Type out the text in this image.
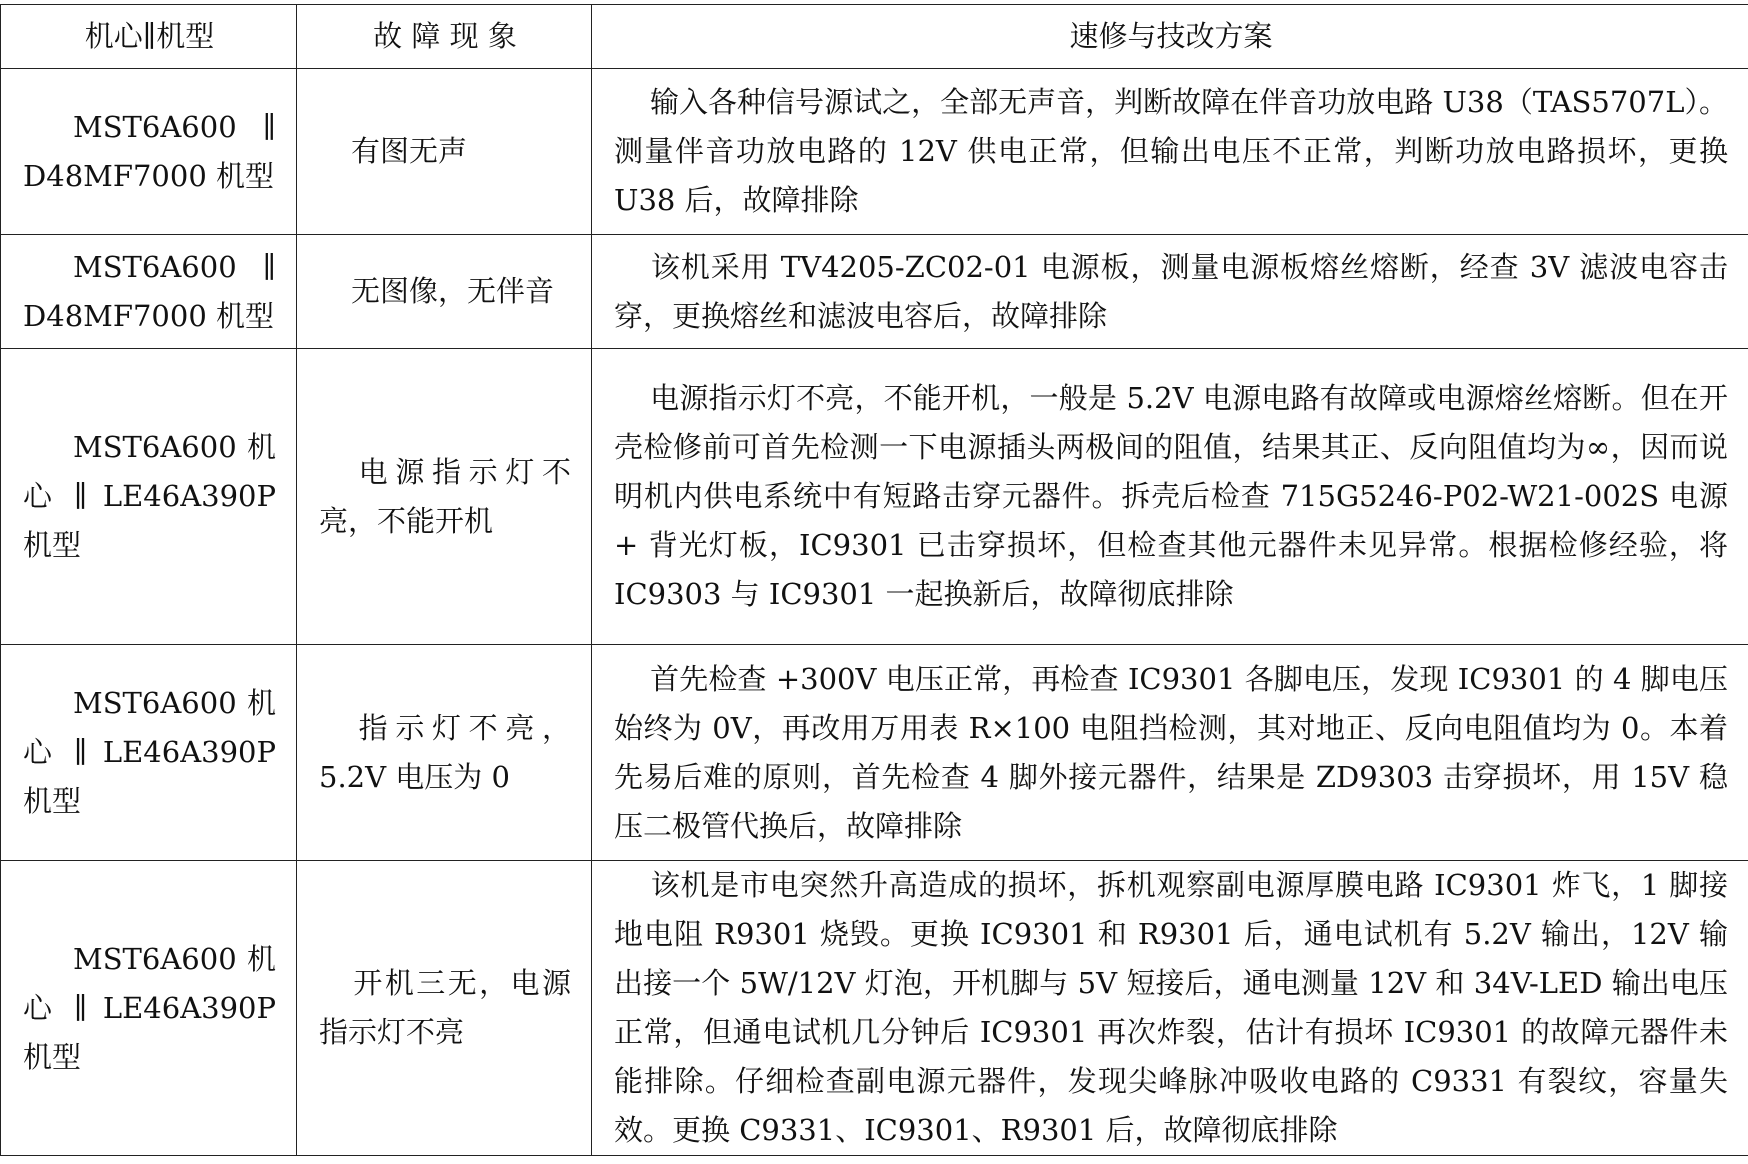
机心∥机型	故 障 现 象	速修与技改方案
MST6A600 ∥ D48MF7000 机型	有图无声	输入各种信号源试之，全部无声音，判断故障在伴音功放电路 U38（TAS5707L）。测量伴音功放电路的 12V 供电正常，但输出电压不正常，判断功放电路损坏，更换 U38 后，故障排除
MST6A600 ∥ D48MF7000 机型	无图像，无伴音	该机采用 TV4205-ZC02-01 电源板，测量电源板熔丝熔断，经查 3V 滤波电容击穿，更换熔丝和滤波电容后，故障排除
MST6A600 机心 ∥ LE46A390P 机型	电源指示灯不亮，不能开机	电源指示灯不亮，不能开机，一般是 5.2V 电源电路有故障或电源熔丝熔断。但在开壳检修前可首先检测一下电源插头两极间的阻值，结果其正、反向阻值均为∞，因而说明机内供电系统中有短路击穿元器件。拆壳后检查 715G5246-P02-W21-002S 电源 + 背光灯板，IC9301 已击穿损坏，但检查其他元器件未见异常。根据检修经验，将 IC9303 与 IC9301 一起换新后，故障彻底排除
MST6A600 机心 ∥ LE46A390P 机型	指示灯不亮，5.2V 电压为 0	首先检查 +300V 电压正常，再检查 IC9301 各脚电压，发现 IC9301 的 4 脚电压始终为 0V，再改用万用表 R×100 电阻挡检测，其对地正、反向电阻值均为 0。本着先易后难的原则，首先检查 4 脚外接元器件，结果是 ZD9303 击穿损坏，用 15V 稳压二极管代换后，故障排除
MST6A600 机心 ∥ LE46A390P 机型	开机三无，电源指示灯不亮	该机是市电突然升高造成的损坏，拆机观察副电源厚膜电路 IC9301 炸飞，1 脚接地电阻 R9301 烧毁。更换 IC9301 和 R9301 后，通电试机有 5.2V 输出，12V 输出接一个 5W/12V 灯泡，开机脚与 5V 短接后，通电测量 12V 和 34V-LED 输出电压正常，但通电试机几分钟后 IC9301 再次炸裂，估计有损坏 IC9301 的故障元器件未能排除。仔细检查副电源元器件，发现尖峰脉冲吸收电路的 C9331 有裂纹，容量失效。更换 C9331、IC9301、R9301 后，故障彻底排除
